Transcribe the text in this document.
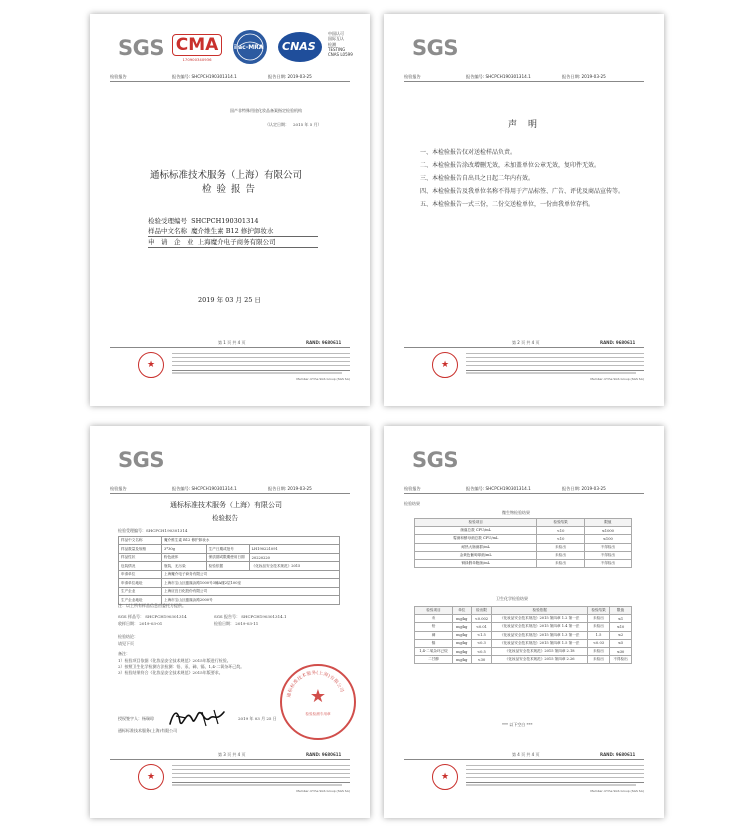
SGS CMA
170900340936
ilac-MRA CNAS
中国认可
国际互认
检测
TESTING
CNAS L0599
检验报告	报告编号: SHCPCH190301314.1	报告日期: 2019-03-25
国产非特殊用途化妆品备案指定检验机构
（认定日期：　2015 年 5 月）
通标标准技术服务（上海）有限公司
检 验 报 告
检验受理编号 SHCPCH190301314
样品中文名称 魔介维生素 B12 修护卸妆水
申　请　企　业 上海魔介电子商务有限公司
2019 年 03 月 25 日
第 1 页 共 4 页	RAND: 9680611
★
Member of the SGS Group (SGS SA)
SGS
检验报告	报告编号: SHCPCH190301314.1	报告日期: 2019-03-25
声　明
一、本检验报告仅对送检样品负责。
二、本检验报告涂改增删无效，未加盖单位公章无效，复印件无效。
三、本检验报告自出具之日起二年内有效。
四、本检验报告及我单位名称不得用于产品标签、广告、评优及商品宣传等。
五、本检验报告一式三份，二份交送检单位，一份由我单位存档。
第 2 页 共 4 页	RAND: 9680611
★
Member of the SGS Group (SGS SA)
SGS
检验报告	报告编号: SHCPCH190301314.1	报告日期: 2019-03-25
通标标准技术服务（上海）有限公司
检验报告
检验受理编号：SHCPCH190301314
样品中文名称	魔介维生素 B12 修护卸妆水		
样品数量及规格	3*30g	生产日期或批号	LH190221091
样品性状	粉色液体	保质期或限期使用日期	20220220
包装情况	瓶装，无污染	检验依据	《化妆品安全技术规范》2015
申请单位	上海魔介电子商务有限公司		
申请单位地址	上海市宝山区蕴藻浜路1000号3幢A楼2层100室		
生产企业	上海应宜日化股份有限公司		
生产企业地址	上海市宝山区蕴藻浜路2000号		
注：以上所有样品信息由委托方提供。
SGS 样品号： SHCPCH190301314
收样日期： 2019-03-01
SGS 报告号： SHCPCH190301314.1
检验日期： 2019-03-11
检验结论：
请见下页
备注：
1）检验项目依据《化妆品安全技术规范》2015年版进行检验。
2）按照卫生化学检测方法检测：铅、汞、砷、镉、1,4-二氧杂环己烷。
3）检验结果符合《化妆品安全技术规范》2015年版要求。
通标标准技术服务(上海)有限公司
★
检验检测专用章
授权签字人：杨瑞琼	2019 年 03 月 25 日
通标标准技术服务(上海)有限公司
第 3 页 共 4 页	RAND: 9680611
★
Member of the SGS Group (SGS SA)
SGS
检验报告	报告编号: SHCPCH190301314.1	报告日期: 2019-03-25
检验结果
微生物检验结果
检验项目	检验结果	限值
菌落总数 CFU/mL	<10	≤1000
霉菌和酵母菌总数 CFU/mL	<10	≤100
耐热大肠菌群/mL	未检出	不得检出
金黄色葡萄球菌/mL	未检出	不得检出
铜绿假单胞菌/mL	未检出	不得检出
卫生化学检验结果
检验项目	单位	检出限	检验依据	检验结果	限值
汞	mg/kg	<0.002	《化妆品安全技术规范》2015 第四章 1.2 第一法	未检出	≤1
铅	mg/kg	<0.01	《化妆品安全技术规范》2015 第四章 1.4 第一法	未检出	≤10
砷	mg/kg	<1.5	《化妆品安全技术规范》2015 第四章 1.3 第一法	1.5	≤2
镉	mg/kg	<0.3	《化妆品安全技术规范》2015 第四章 1.5 第一法	<0.03	≤5
1,4-二氧杂环己烷	mg/kg	<0.5	《化妆品安全技术规范》2015 第四章 2.18	未检出	≤30
二甘醇	mg/kg	<30	《化妆品安全技术规范》2015 第四章 2.26	未检出	不得检出
*** 以下空白 ***
第 4 页 共 4 页	RAND: 9680611
★
Member of the SGS Group (SGS SA)
